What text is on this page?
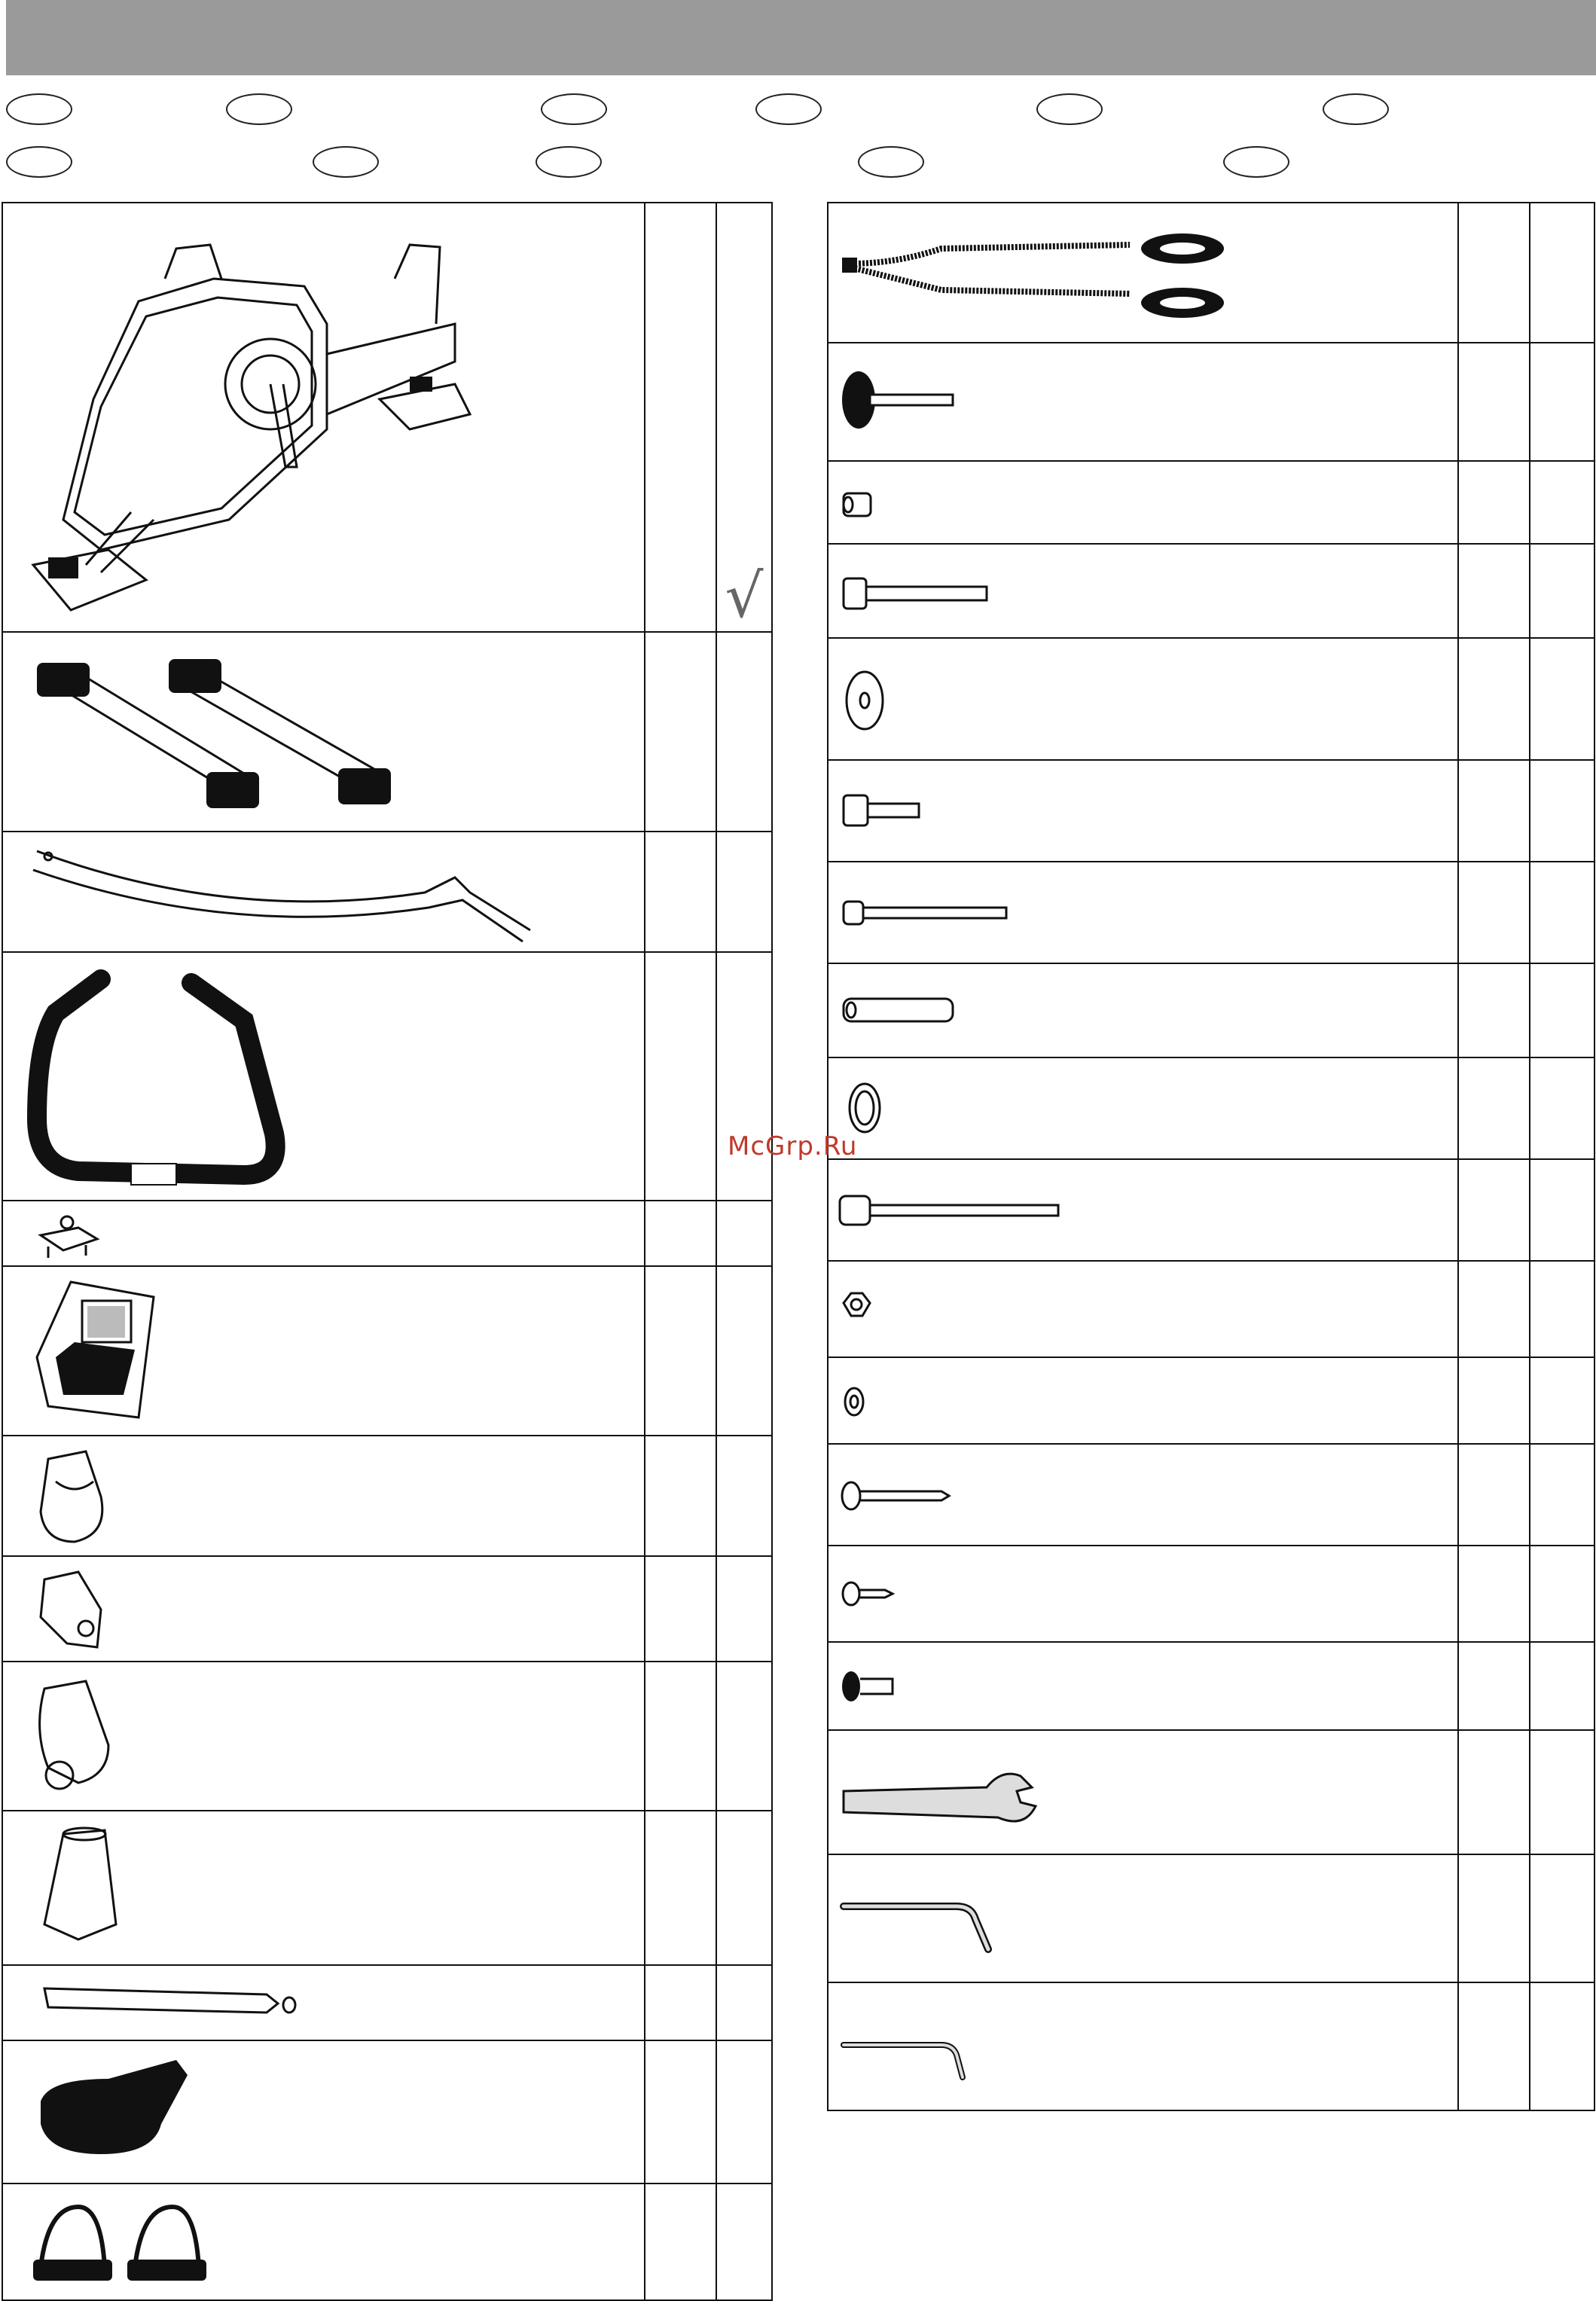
		√

McGrp.Ru
